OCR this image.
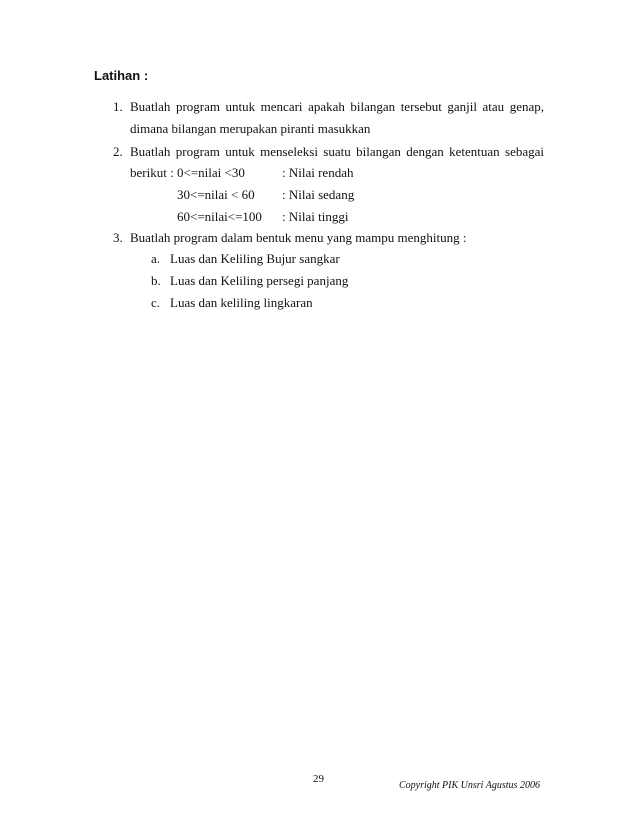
Latihan :
1. Buatlah program untuk mencari apakah bilangan tersebut ganjil atau genap,
dimana bilangan merupakan piranti masukkan
2. Buatlah program untuk menseleksi suatu bilangan dengan ketentuan sebagai
berikut : 0<=nilai <30	: Nilai rendah
30<=nilai < 60 : Nilai sedang
60<=nilai<=100 : Nilai tinggi
3. Buatlah program dalam bentuk menu yang mampu menghitung :
a. Luas dan Keliling Bujur sangkar
b. Luas dan Keliling persegi panjang
c. Luas dan keliling lingkaran
29
Copyright PIK Unsri Agustus 2006
